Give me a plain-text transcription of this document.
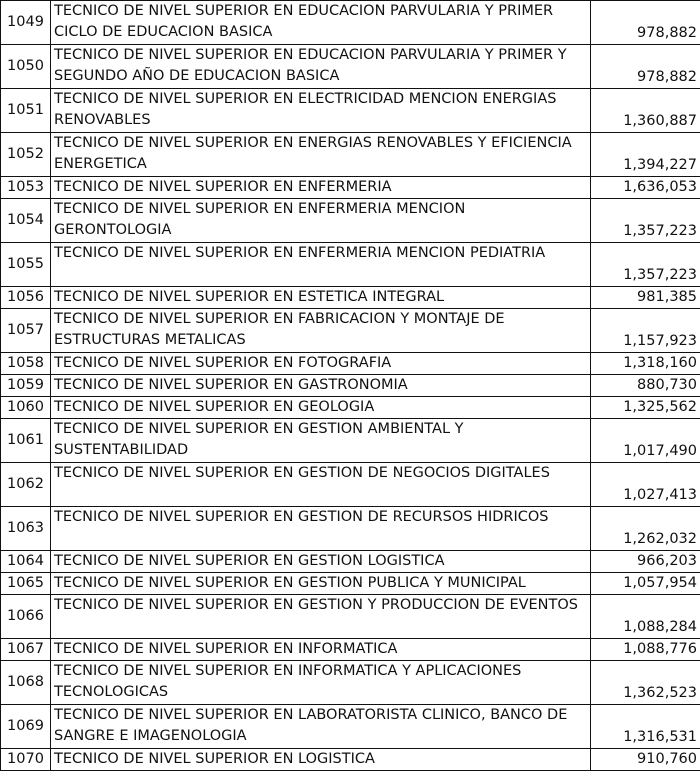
1049	TECNICO DE NIVEL SUPERIOR EN EDUCACION PARVULARIA Y PRIMER CICLO DE EDUCACION BASICA	978,882
1050	TECNICO DE NIVEL SUPERIOR EN EDUCACION PARVULARIA Y PRIMER Y SEGUNDO AÑO DE EDUCACION BASICA	978,882
1051	TECNICO DE NIVEL SUPERIOR EN ELECTRICIDAD MENCION ENERGIAS RENOVABLES	1,360,887
1052	TECNICO DE NIVEL SUPERIOR EN ENERGIAS RENOVABLES Y EFICIENCIA ENERGETICA	1,394,227
1053	TECNICO DE NIVEL SUPERIOR EN ENFERMERIA	1,636,053
1054	TECNICO DE NIVEL SUPERIOR EN ENFERMERIA MENCION GERONTOLOGIA	1,357,223
1055	TECNICO DE NIVEL SUPERIOR EN ENFERMERIA MENCION PEDIATRIA	1,357,223
1056	TECNICO DE NIVEL SUPERIOR EN ESTETICA INTEGRAL	981,385
1057	TECNICO DE NIVEL SUPERIOR EN FABRICACION Y MONTAJE DE ESTRUCTURAS METALICAS	1,157,923
1058	TECNICO DE NIVEL SUPERIOR EN FOTOGRAFIA	1,318,160
1059	TECNICO DE NIVEL SUPERIOR EN GASTRONOMIA	880,730
1060	TECNICO DE NIVEL SUPERIOR EN GEOLOGIA	1,325,562
1061	TECNICO DE NIVEL SUPERIOR EN GESTION AMBIENTAL Y SUSTENTABILIDAD	1,017,490
1062	TECNICO DE NIVEL SUPERIOR EN GESTION DE NEGOCIOS DIGITALES	1,027,413
1063	TECNICO DE NIVEL SUPERIOR EN GESTION DE RECURSOS HIDRICOS	1,262,032
1064	TECNICO DE NIVEL SUPERIOR EN GESTION LOGISTICA	966,203
1065	TECNICO DE NIVEL SUPERIOR EN GESTION PUBLICA Y MUNICIPAL	1,057,954
1066	TECNICO DE NIVEL SUPERIOR EN GESTION Y PRODUCCION DE EVENTOS	1,088,284
1067	TECNICO DE NIVEL SUPERIOR EN INFORMATICA	1,088,776
1068	TECNICO DE NIVEL SUPERIOR EN INFORMATICA Y APLICACIONES TECNOLOGICAS	1,362,523
1069	TECNICO DE NIVEL SUPERIOR EN LABORATORISTA CLINICO, BANCO DE SANGRE E IMAGENOLOGIA	1,316,531
1070	TECNICO DE NIVEL SUPERIOR EN LOGISTICA	910,760
